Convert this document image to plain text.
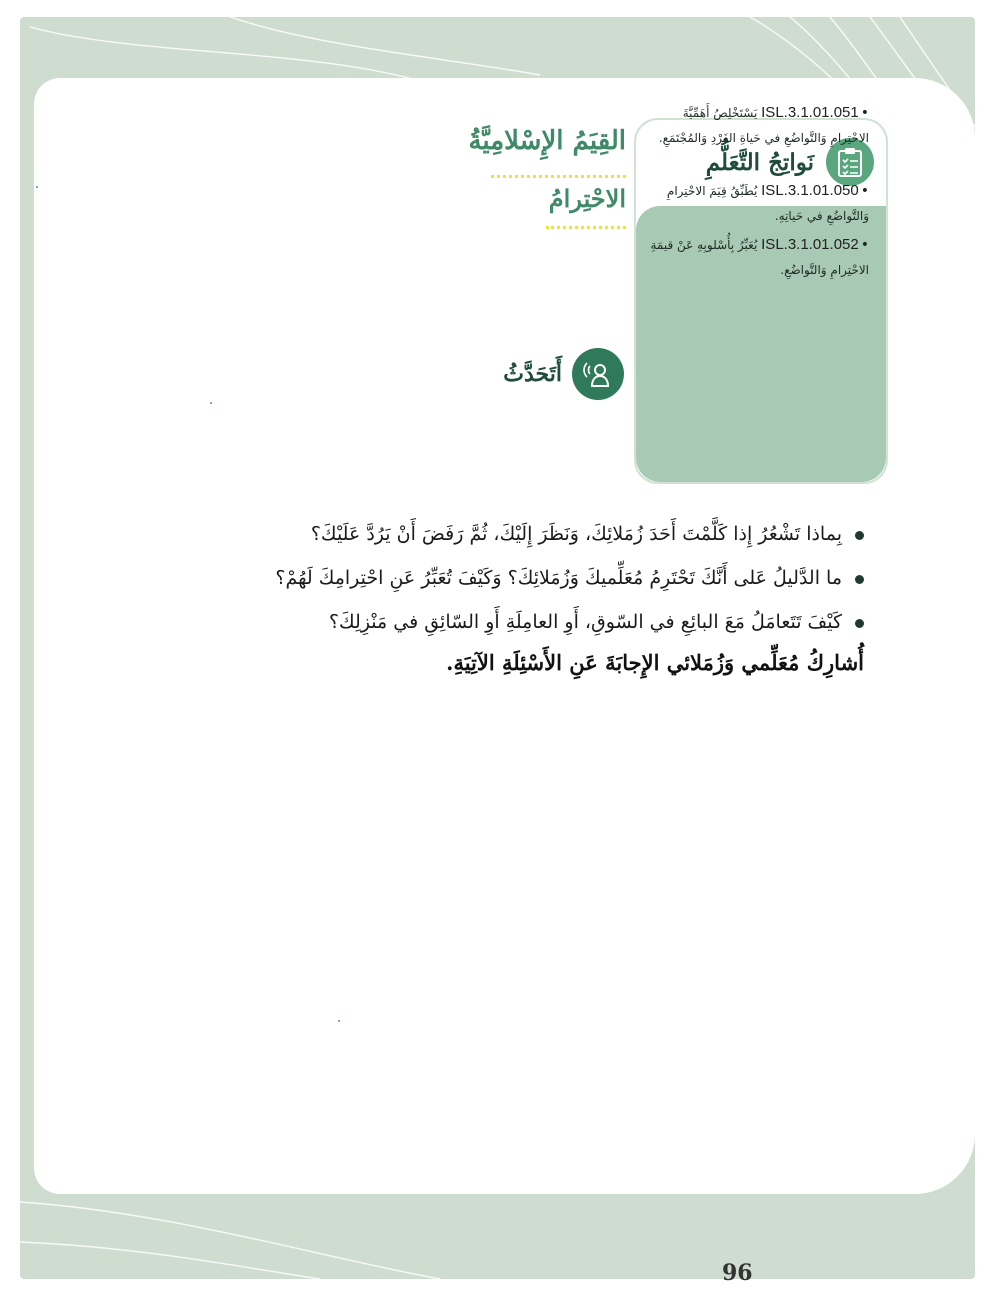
القِيَمُ الإِسْلامِيَّةُ
الاحْتِرامُ
نَواتِجُ التَّعَلُّمِ
•ISL.3.1.01.051 يَسْتَخْلِصُ أَهَمِّيَّةَ الاحْتِرامِ وَالتَّواضُعِ في حَياةِ الفَرْدِ وَالمُجْتَمَعِ.
•ISL.3.1.01.050 يُطَبِّقُ قِيَمَ الاحْتِرامِ وَالتَّواضُعِ في حَياتِهِ.
•ISL.3.1.01.052 يُعَبِّرُ بِأُسْلوبِهِ عَنْ قيمَةِ الاحْتِرامِ وَالتَّواضُعِ.
أَتَحَدَّثُ
بِماذا تَشْعُرُ إِذا كَلَّمْتَ أَحَدَ زُمَلائِكَ، وَنَظَرَ إِلَيْكَ، ثُمَّ رَفَضَ أَنْ يَرُدَّ عَلَيْكَ؟
ما الدَّليلُ عَلى أَنَّكَ تَحْتَرِمُ مُعَلِّميكَ وَزُمَلائِكَ؟ وَكَيْفَ تُعَبِّرُ عَنِ احْتِرامِكَ لَهُمْ؟
كَيْفَ تَتَعامَلُ مَعَ البائِعِ في السّوقِ، أَوِ العامِلَةِ أَوِ السّائِقِ في مَنْزِلِكَ؟
أُشارِكُ مُعَلِّمي وَزُمَلائي الإِجابَةَ عَنِ الأَسْئِلَةِ الآتِيَةِ.
96
